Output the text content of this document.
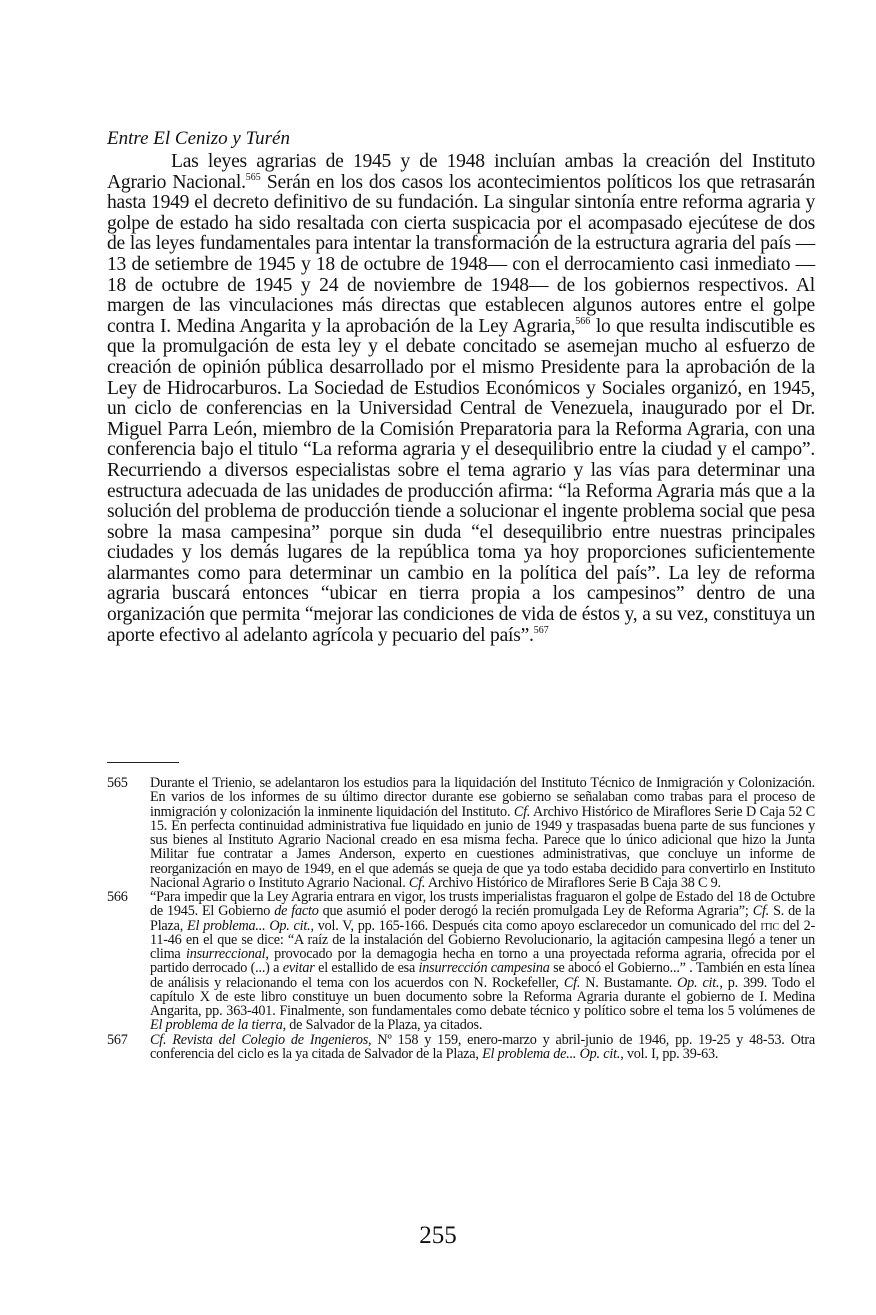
Entre El Cenizo y Turén

Las leyes agrarias de 1945 y de 1948 incluían ambas la creación del Instituto Agrario Nacional.$^{565}$ Serán en los dos casos los acontecimientos políticos los que retrasarán hasta 1949 el decreto definitivo de su fundación. La singular sintonía entre reforma agraria y golpe de estado ha sido resaltada con cierta suspicacia por el acompasado ejecútese de dos de las leyes fundamentales para intentar la transformación de la estructura agraria del país —13 de setiembre de 1945 y 18 de octubre de 1948— con el derrocamiento casi inmediato —18 de octubre de 1945 y 24 de noviembre de 1948— de los gobiernos respectivos. Al margen de las vinculaciones más directas que establecen algunos autores entre el golpe contra I. Medina Angarita y la aprobación de la Ley Agraria,$^{566}$ lo que resulta indiscutible es que la promulgación de esta ley y el debate concitado se asemejan mucho al esfuerzo de creación de opinión pública desarrollado por el mismo Presidente para la aprobación de la Ley de Hidrocarburos. La Sociedad de Estudios Económicos y Sociales organizó, en 1945, un ciclo de conferencias en la Universidad Central de Venezuela, inaugurado por el Dr. Miguel Parra León, miembro de la Comisión Preparatoria para la Reforma Agraria, con una conferencia bajo el titulo “La reforma agraria y el desequilibrio entre la ciudad y el campo”. Recurriendo a diversos especialistas sobre el tema agrario y las vías para determinar una estructura adecuada de las unidades de producción afirma: “la Reforma Agraria más que a la solución del problema de producción tiende a solucionar el ingente problema social que pesa sobre la masa campesina” porque sin duda “el desequilibrio entre nuestras principales ciudades y los demás lugares de la república toma ya hoy proporciones suficientemente alarmantes como para determinar un cambio en la política del país”. La ley de reforma agraria buscará entonces “ubicar en tierra propia a los campesinos” dentro de una organización que permita “mejorar las condiciones de vida de éstos y, a su vez, constituya un aporte efectivo al adelanto agrícola y pecuario del país”.$^{567}$

565	Durante el Trienio, se adelantaron los estudios para la liquidación del Instituto Técnico de Inmigración y Colonización. En varios de los informes de su último director durante ese gobierno se señalaban como trabas para el proceso de inmigración y colonización la inminente liquidación del Instituto. Cf. Archivo Histórico de Miraflores Serie D Caja 52 C 15. En perfecta continuidad administrativa fue liquidado en junio de 1949 y traspasadas buena parte de sus funciones y sus bienes al Instituto Agrario Nacional creado en esa misma fecha. Parece que lo único adicional que hizo la Junta Militar fue contratar a James Anderson, experto en cuestiones administrativas, que concluye un informe de reorganización en mayo de 1949, en el que además se queja de que ya todo estaba decidido para convertirlo en Instituto Nacional Agrario o Instituto Agrario Nacional. Cf. Archivo Histórico de Miraflores Serie B Caja 38 C 9.
566	“Para impedir que la Ley Agraria entrara en vigor, los trusts imperialistas fraguaron el golpe de Estado del 18 de Octubre de 1945. El Gobierno de facto que asumió el poder derogó la recién promulgada Ley de Reforma Agraria”; Cf. S. de la Plaza, El problema... Op. cit., vol. V, pp. 165-166. Después cita como apoyo esclarecedor un comunicado del itic del 2-11-46 en el que se dice: “A raíz de la instalación del Gobierno Revolucionario, la agitación campesina llegó a tener un clima insurreccional, provocado por la demagogia hecha en torno a una proyectada reforma agraria, ofrecida por el partido derrocado (...) a evitar el estallido de esa insurrección campesina se abocó el Gobierno...” . También en esta línea de análisis y relacionando el tema con los acuerdos con N. Rockefeller, Cf. N. Bustamante. Op. cit., p. 399. Todo el capítulo X de este libro constituye un buen documento sobre la Reforma Agraria durante el gobierno de I. Medina Angarita, pp. 363-401. Finalmente, son fundamentales como debate técnico y político sobre el tema los 5 volúmenes de El problema de la tierra, de Salvador de la Plaza, ya citados.
567	Cf. Revista del Colegio de Ingenieros, Nº 158 y 159, enero-marzo y abril-junio de 1946, pp. 19-25 y 48-53. Otra conferencia del ciclo es la ya citada de Salvador de la Plaza, El problema de... Op. cit., vol. I, pp. 39-63.
255
